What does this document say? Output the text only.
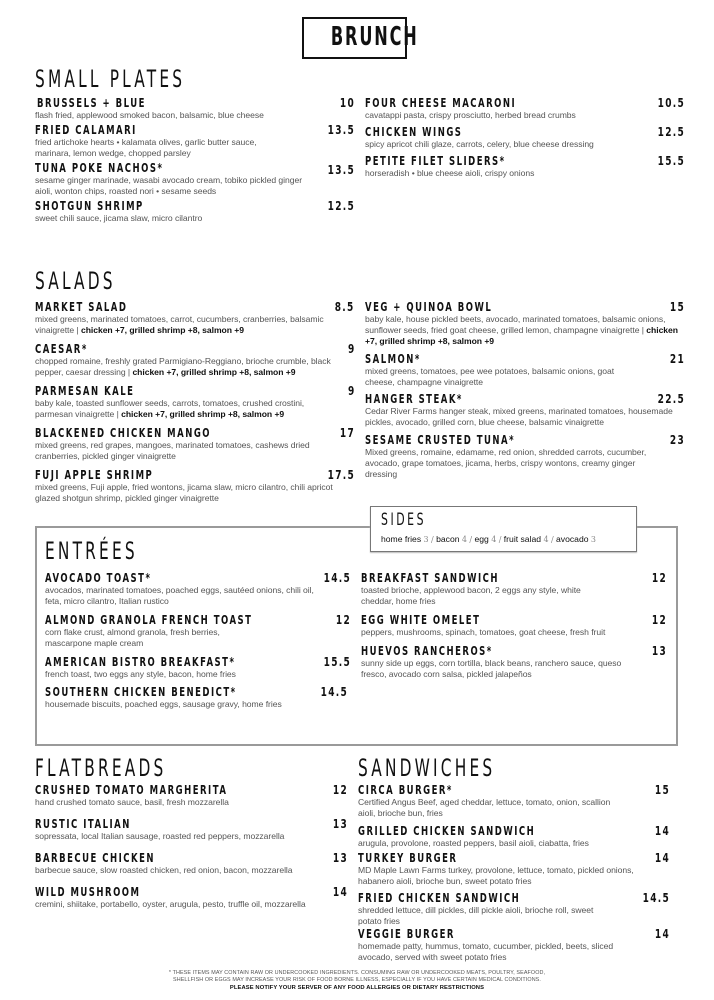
BRUNCH
SMALL PLATES
BRUSSELS + BLUE	10
flash fried, applewood smoked bacon, balsamic, blue cheese
FRIED CALAMARI	13.5
fried artichoke hearts • kalamata olives, garlic butter sauce, marinara, lemon wedge, chopped parsley
TUNA POKE NACHOS*	13.5
sesame ginger marinade, wasabi avocado cream, tobiko pickled ginger aioli, wonton chips, roasted nori • sesame seeds
SHOTGUN SHRIMP	12.5
sweet chili sauce, jicama slaw, micro cilantro
FOUR CHEESE MACARONI	10.5
cavatappi pasta, crispy prosciutto, herbed bread crumbs
CHICKEN WINGS	12.5
spicy apricot chili glaze, carrots, celery, blue cheese dressing
PETITE FILET SLIDERS*	15.5
horseradish • blue cheese aioli, crispy onions
SALADS
MARKET SALAD	8.5
mixed greens, marinated tomatoes, carrot, cucumbers, cranberries, balsamic vinaigrette | chicken +7, grilled shrimp +8, salmon +9
CAESAR*	9
chopped romaine, freshly grated Parmigiano-Reggiano, brioche crumble, black pepper, caesar dressing | chicken +7, grilled shrimp +8, salmon +9
PARMESAN KALE	9
baby kale, toasted sunflower seeds, carrots, tomatoes, crushed crostini, parmesan vinaigrette | chicken +7, grilled shrimp +8, salmon +9
BLACKENED CHICKEN MANGO	17
mixed greens, red grapes, mangoes, marinated tomatoes, cashews dried cranberries, pickled ginger vinaigrette
FUJI APPLE SHRIMP	17.5
mixed greens, Fuji apple, fried wontons, jicama slaw, micro cilantro, chili apricot glazed shotgun shrimp, pickled ginger vinaigrette
VEG + QUINOA BOWL	15
baby kale, house pickled beets, avocado, marinated tomatoes, balsamic onions, sunflower seeds, fried goat cheese, grilled lemon, champagne vinaigrette | chicken +7, grilled shrimp +8, salmon +9
SALMON*	21
mixed greens, tomatoes, pee wee potatoes, balsamic onions, goat cheese, champagne vinaigrette
HANGER STEAK*	22.5
Cedar River Farms hanger steak, mixed greens, marinated tomatoes, housemade pickles, avocado, grilled corn, blue cheese, balsamic vinaigrette
SESAME CRUSTED TUNA*	23
Mixed greens, romaine, edamame, red onion, shredded carrots, cucumber, avocado, grape tomatoes, jicama, herbs, crispy wontons, creamy ginger dressing
ENTRÉES
AVOCADO TOAST*	14.5
avocados, marinated tomatoes, poached eggs, sautéed onions, chili oil, feta, micro cilantro, Italian rustico
ALMOND GRANOLA FRENCH TOAST	12
corn flake crust, almond granola, fresh berries, mascarpone maple cream
AMERICAN BISTRO BREAKFAST*	15.5
french toast, two eggs any style, bacon, home fries
SOUTHERN CHICKEN BENEDICT*	14.5
housemade biscuits, poached eggs, sausage gravy, home fries
BREAKFAST SANDWICH	12
toasted brioche, applewood bacon, 2 eggs any style, white cheddar, home fries
EGG WHITE OMELET	12
peppers, mushrooms, spinach, tomatoes, goat cheese, fresh fruit
HUEVOS RANCHEROS*	13
sunny side up eggs, corn tortilla, black beans, ranchero sauce, queso fresco, avocado corn salsa, pickled jalapeños
SIDES
home fries 3 / bacon 4 / egg 4 / fruit salad 4 / avocado 3
FLATBREADS
CRUSHED TOMATO MARGHERITA	12
hand crushed tomato sauce, basil, fresh mozzarella
RUSTIC ITALIAN	13
sopressata, local Italian sausage, roasted red peppers, mozzarella
BARBECUE CHICKEN	13
barbecue sauce, slow roasted chicken, red onion, bacon, mozzarella
WILD MUSHROOM	14
cremini, shiitake, portabello, oyster, arugula, pesto, truffle oil, mozzarella
SANDWICHES
CIRCA BURGER*	15
Certified Angus Beef, aged cheddar, lettuce, tomato, onion, scallion aioli, brioche bun, fries
GRILLED CHICKEN SANDWICH	14
arugula, provolone, roasted peppers, basil aioli, ciabatta, fries
TURKEY BURGER	14
MD Maple Lawn Farms turkey, provolone, lettuce, tomato, pickled onions, habanero aioli, brioche bun, sweet potato fries
FRIED CHICKEN SANDWICH	14.5
shredded lettuce, dill pickles, dill pickle aioli, brioche roll, sweet potato fries
VEGGIE BURGER	14
homemade patty, hummus, tomato, cucumber, pickled, beets, sliced avocado, served with sweet potato fries
* THESE ITEMS MAY CONTAIN RAW OR UNDERCOOKED INGREDIENTS. CONSUMING RAW OR UNDERCOOKED MEATS, POULTRY, SEAFOOD,
SHELLFISH OR EGGS MAY INCREASE YOUR RISK OF FOOD BORNE ILLNESS, ESPECIALLY IF YOU HAVE CERTAIN MEDICAL CONDITIONS.
PLEASE NOTIFY YOUR SERVER OF ANY FOOD ALLERGIES OR DIETARY RESTRICTIONS
